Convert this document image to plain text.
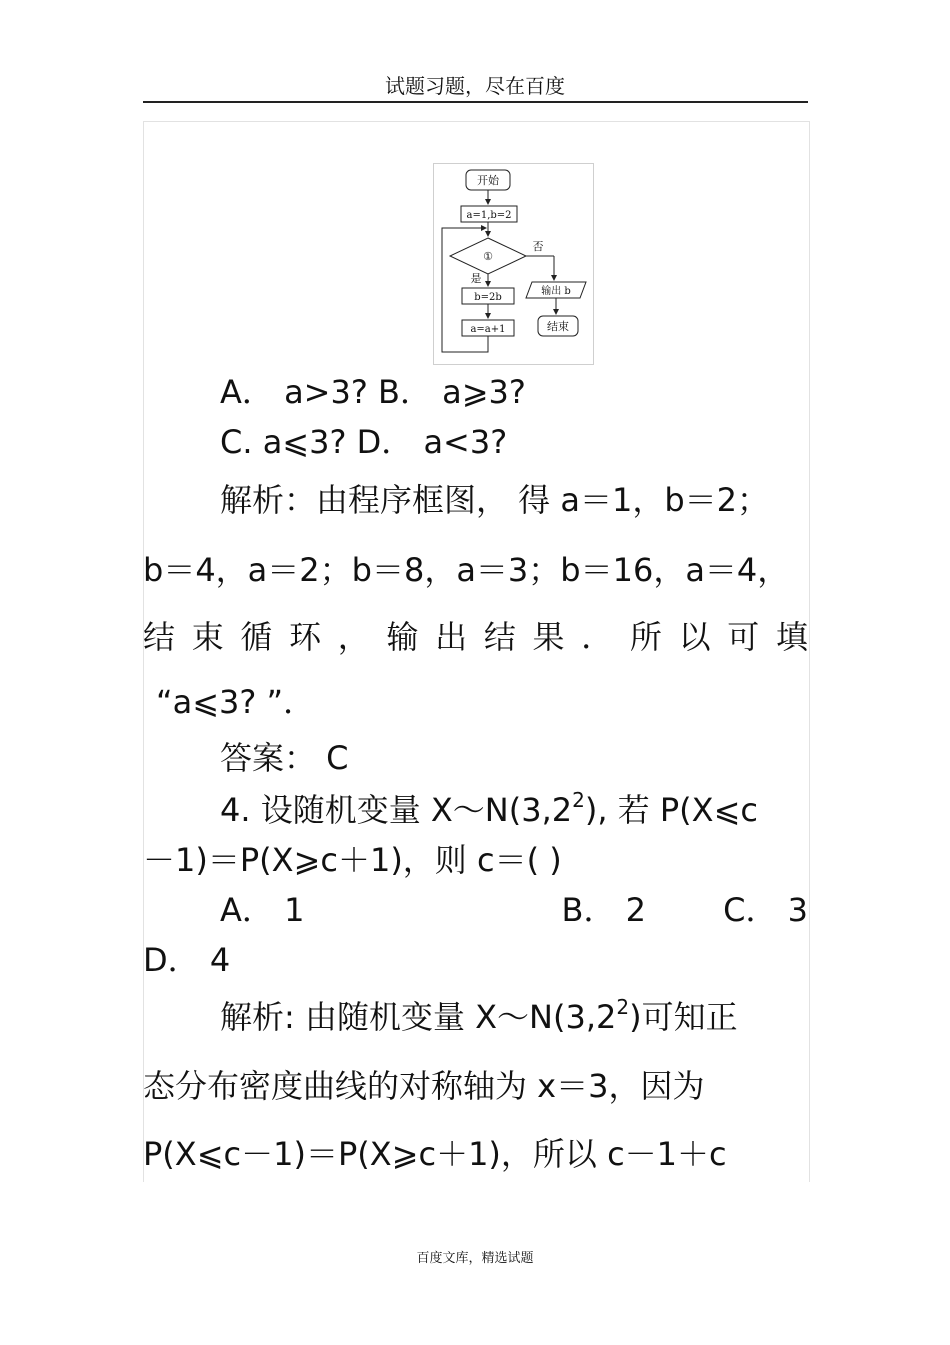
试题习题，尽在百度
开始
a=1,b=2
①
否
是
b=2b
a=a+1
输出 b
结束
A． a>3? B． a⩾3?
C. a⩽3? D． a<3?
解析：由程序框图， 得 a＝1，b＝2；
b＝4，a＝2；b＝8，a＝3；b＝16，a＝4，
结 束 循 环 ， 输 出 结 果 ． 所 以 可 填
“a⩽3? ”．
答案： C
4. 设随机变量 $X\sim N(3,2^2)$, 若 P(X⩽c
－1)＝P(X⩾c＋1)，则 c＝( )
A． 1	B． 2 C． 3
D． 4
解析: 由随机变量 $X\sim N(3,2^2)$可知正
态分布密度曲线的对称轴为 x＝3，因为
P(X⩽c－1)＝P(X⩾c＋1)，所以 c－1＋c
百度文库，精选试题
